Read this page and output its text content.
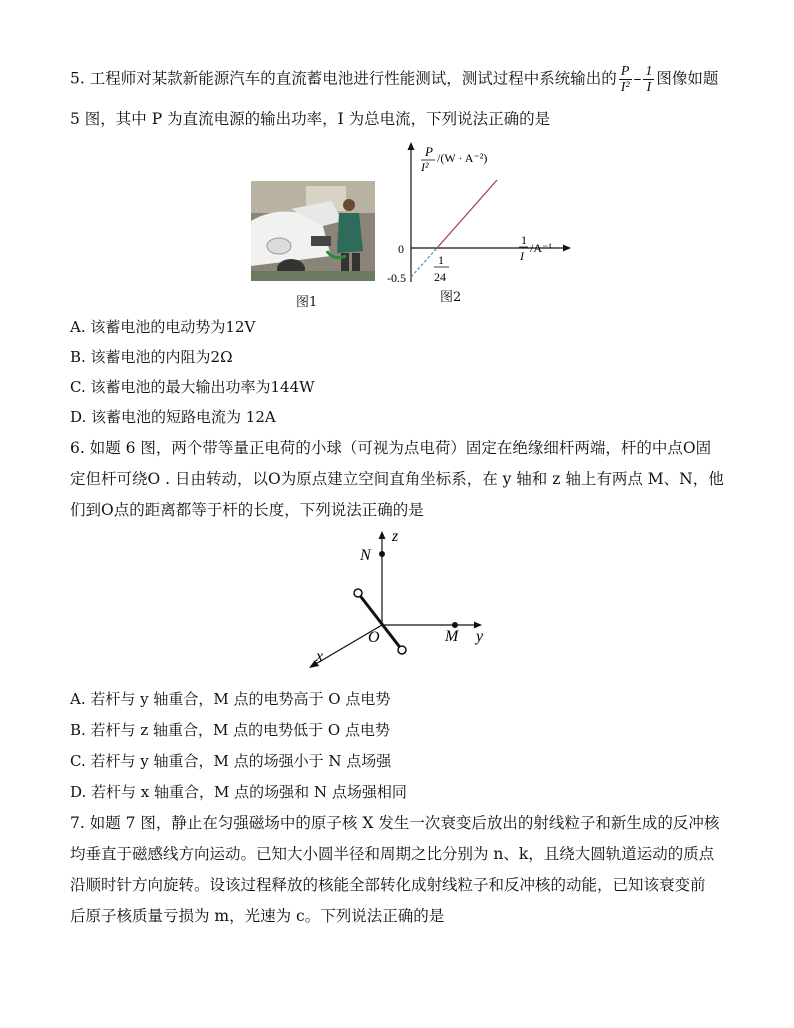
5. 工程师对某款新能源汽车的直流蓄电池进行性能测试，测试过程中系统输出的 $\frac{P}{\text{I²}} - \frac{1}{I}$ 图像如题
5 图，其中 P 为直流电源的输出功率，I 为总电流，下列说法正确的是
图1
P
I²
/(W · A⁻²)
1
I
/A⁻¹
0
-0.5
1
24
图2
A. 该蓄电池的电动势为12V
B. 该蓄电池的内阻为2Ω
C. 该蓄电池的最大输出功率为144W
D. 该蓄电池的短路电流为 12A
6. 如题 6 图，两个带等量正电荷的小球（可视为点电荷）固定在绝缘细杆两端，杆的中点O固
定但杆可绕O . 日由转动，以O为原点建立空间直角坐标系，在 y 轴和 z 轴上有两点 M、N，他
们到O点的距离都等于杆的长度，下列说法正确的是
z
y
x
O	M
N
A. 若杆与 y 轴重合，M 点的电势高于 O 点电势
B. 若杆与 z 轴重合，M 点的电势低于 O 点电势
C. 若杆与 y 轴重合，M 点的场强小于 N 点场强
D. 若杆与 x 轴重合，M 点的场强和 N 点场强相同
7. 如题 7 图，静止在匀强磁场中的原子核 X 发生一次衰变后放出的射线粒子和新生成的反冲核
均垂直于磁感线方向运动。已知大小圆半径和周期之比分别为 n、k，且绕大圆轨道运动的质点
沿顺时针方向旋转。设该过程释放的核能全部转化成射线粒子和反冲核的动能，已知该衰变前
后原子核质量亏损为 m，光速为 c。下列说法正确的是
